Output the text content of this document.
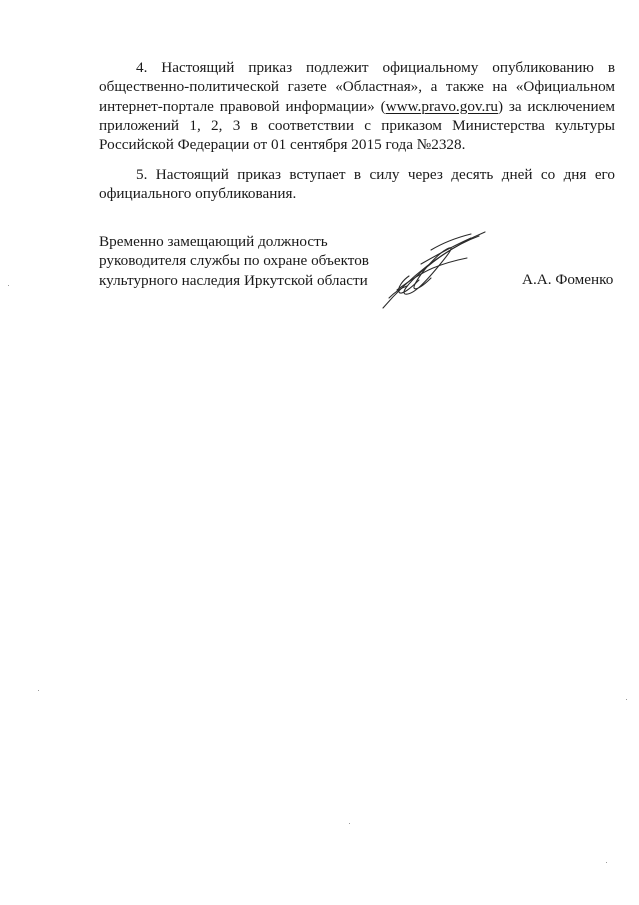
4. Настоящий приказ подлежит официальному опубликованию в
общественно-политической газете «Областная», а также на «Официальном
интернет-портале правовой информации» (www.pravo.gov.ru) за исключением
приложений 1, 2, 3 в соответствии с приказом Министерства культуры
Российской Федерации от 01 сентября 2015 года №2328.
5. Настоящий приказ вступает в силу через десять дней со дня его
официального опубликования.
Временно замещающий должность
руководителя службы по охране объектов
культурного наследия Иркутской области	А.А. Фоменко
